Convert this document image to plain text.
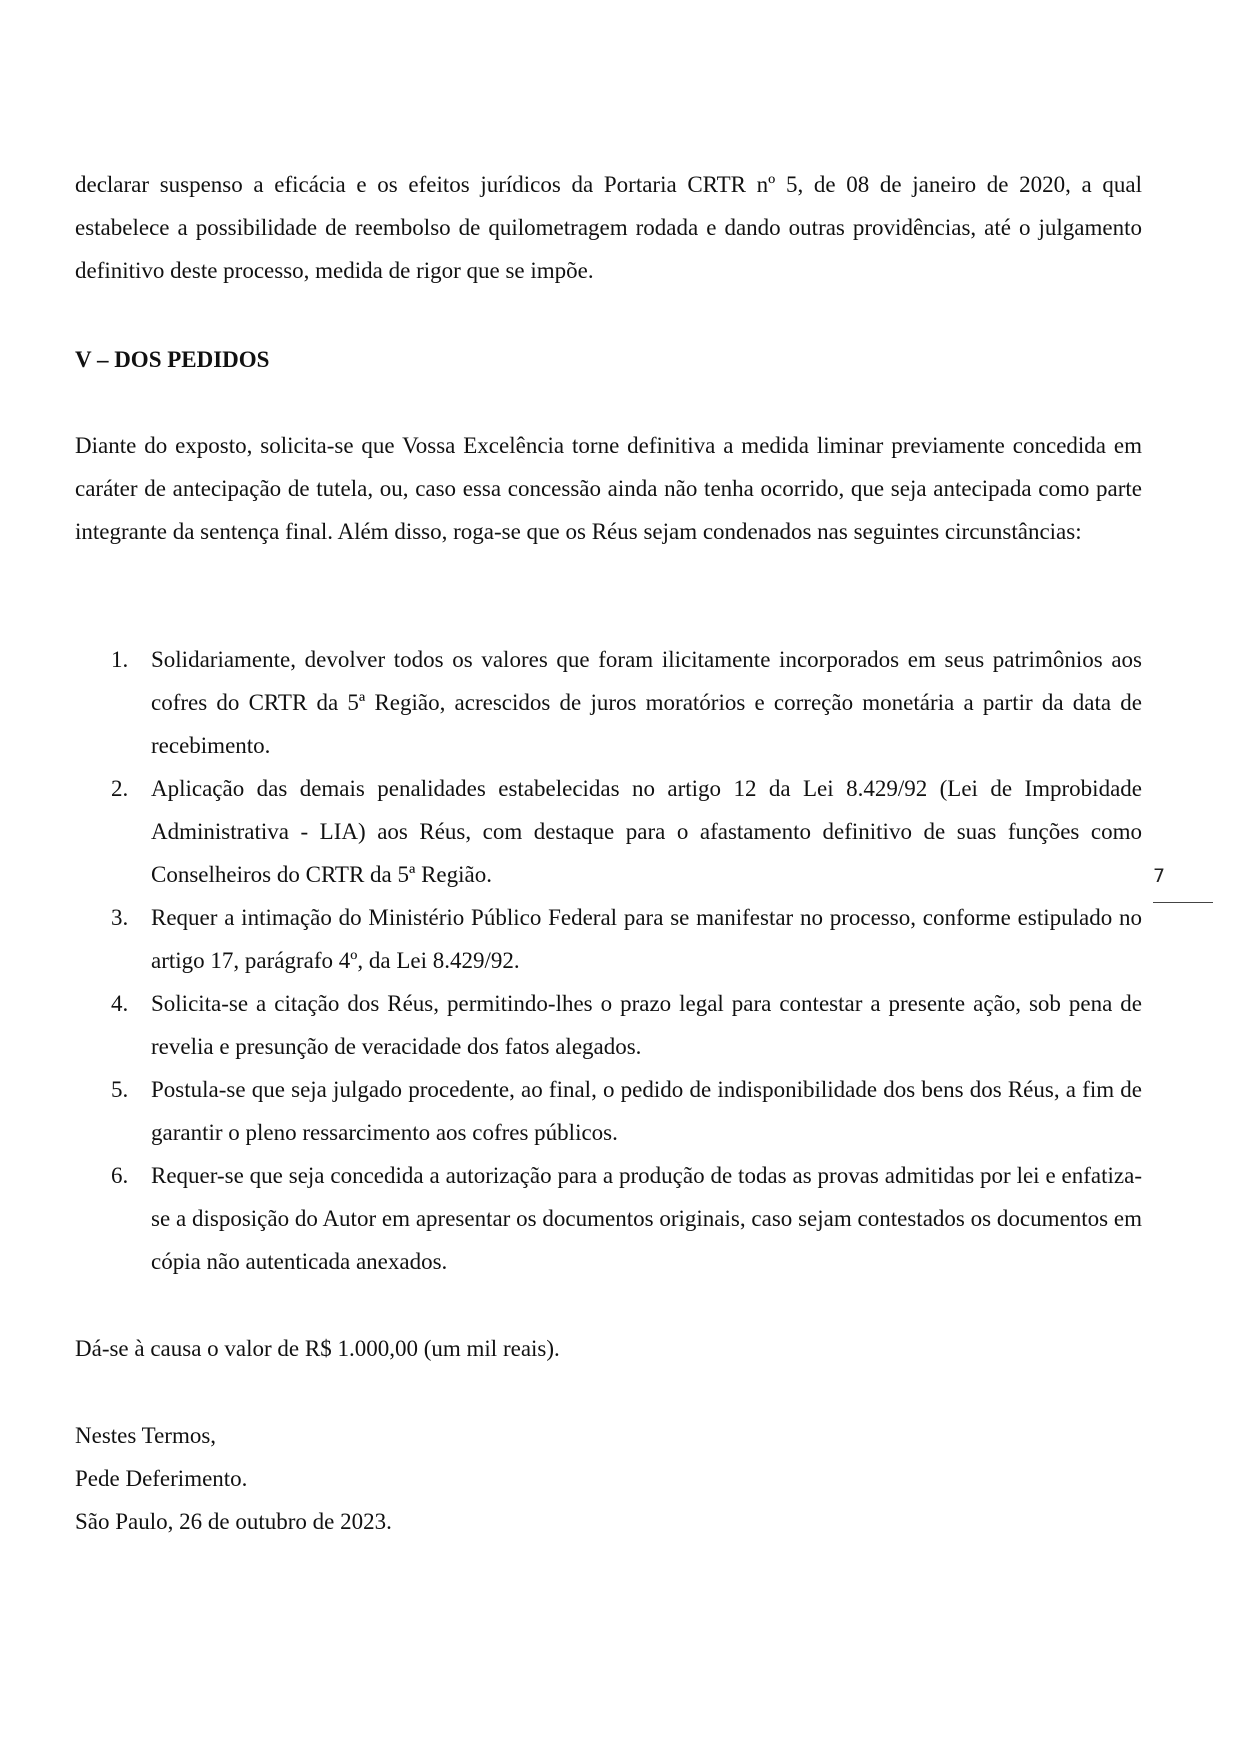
declarar suspenso a eficácia e os efeitos jurídicos da Portaria CRTR nº 5, de 08 de janeiro de 2020, a qual estabelece a possibilidade de reembolso de quilometragem rodada e dando outras providências, até o julgamento definitivo deste processo, medida de rigor que se impõe.
V – DOS PEDIDOS
Diante do exposto, solicita-se que Vossa Excelência torne definitiva a medida liminar previamente concedida em caráter de antecipação de tutela, ou, caso essa concessão ainda não tenha ocorrido, que seja antecipada como parte integrante da sentença final. Além disso, roga-se que os Réus sejam condenados nas seguintes circunstâncias:
1. Solidariamente, devolver todos os valores que foram ilicitamente incorporados em seus patrimônios aos cofres do CRTR da 5ª Região, acrescidos de juros moratórios e correção monetária a partir da data de recebimento.
2. Aplicação das demais penalidades estabelecidas no artigo 12 da Lei 8.429/92 (Lei de Improbidade Administrativa - LIA) aos Réus, com destaque para o afastamento definitivo de suas funções como Conselheiros do CRTR da 5ª Região.
3. Requer a intimação do Ministério Público Federal para se manifestar no processo, conforme estipulado no artigo 17, parágrafo 4º, da Lei 8.429/92.
4. Solicita-se a citação dos Réus, permitindo-lhes o prazo legal para contestar a presente ação, sob pena de revelia e presunção de veracidade dos fatos alegados.
5. Postula-se que seja julgado procedente, ao final, o pedido de indisponibilidade dos bens dos Réus, a fim de garantir o pleno ressarcimento aos cofres públicos.
6. Requer-se que seja concedida a autorização para a produção de todas as provas admitidas por lei e enfatiza-se a disposição do Autor em apresentar os documentos originais, caso sejam contestados os documentos em cópia não autenticada anexados.
Dá-se à causa o valor de R$ 1.000,00 (um mil reais).
Nestes Termos,
Pede Deferimento.
São Paulo, 26 de outubro de 2023.
7
